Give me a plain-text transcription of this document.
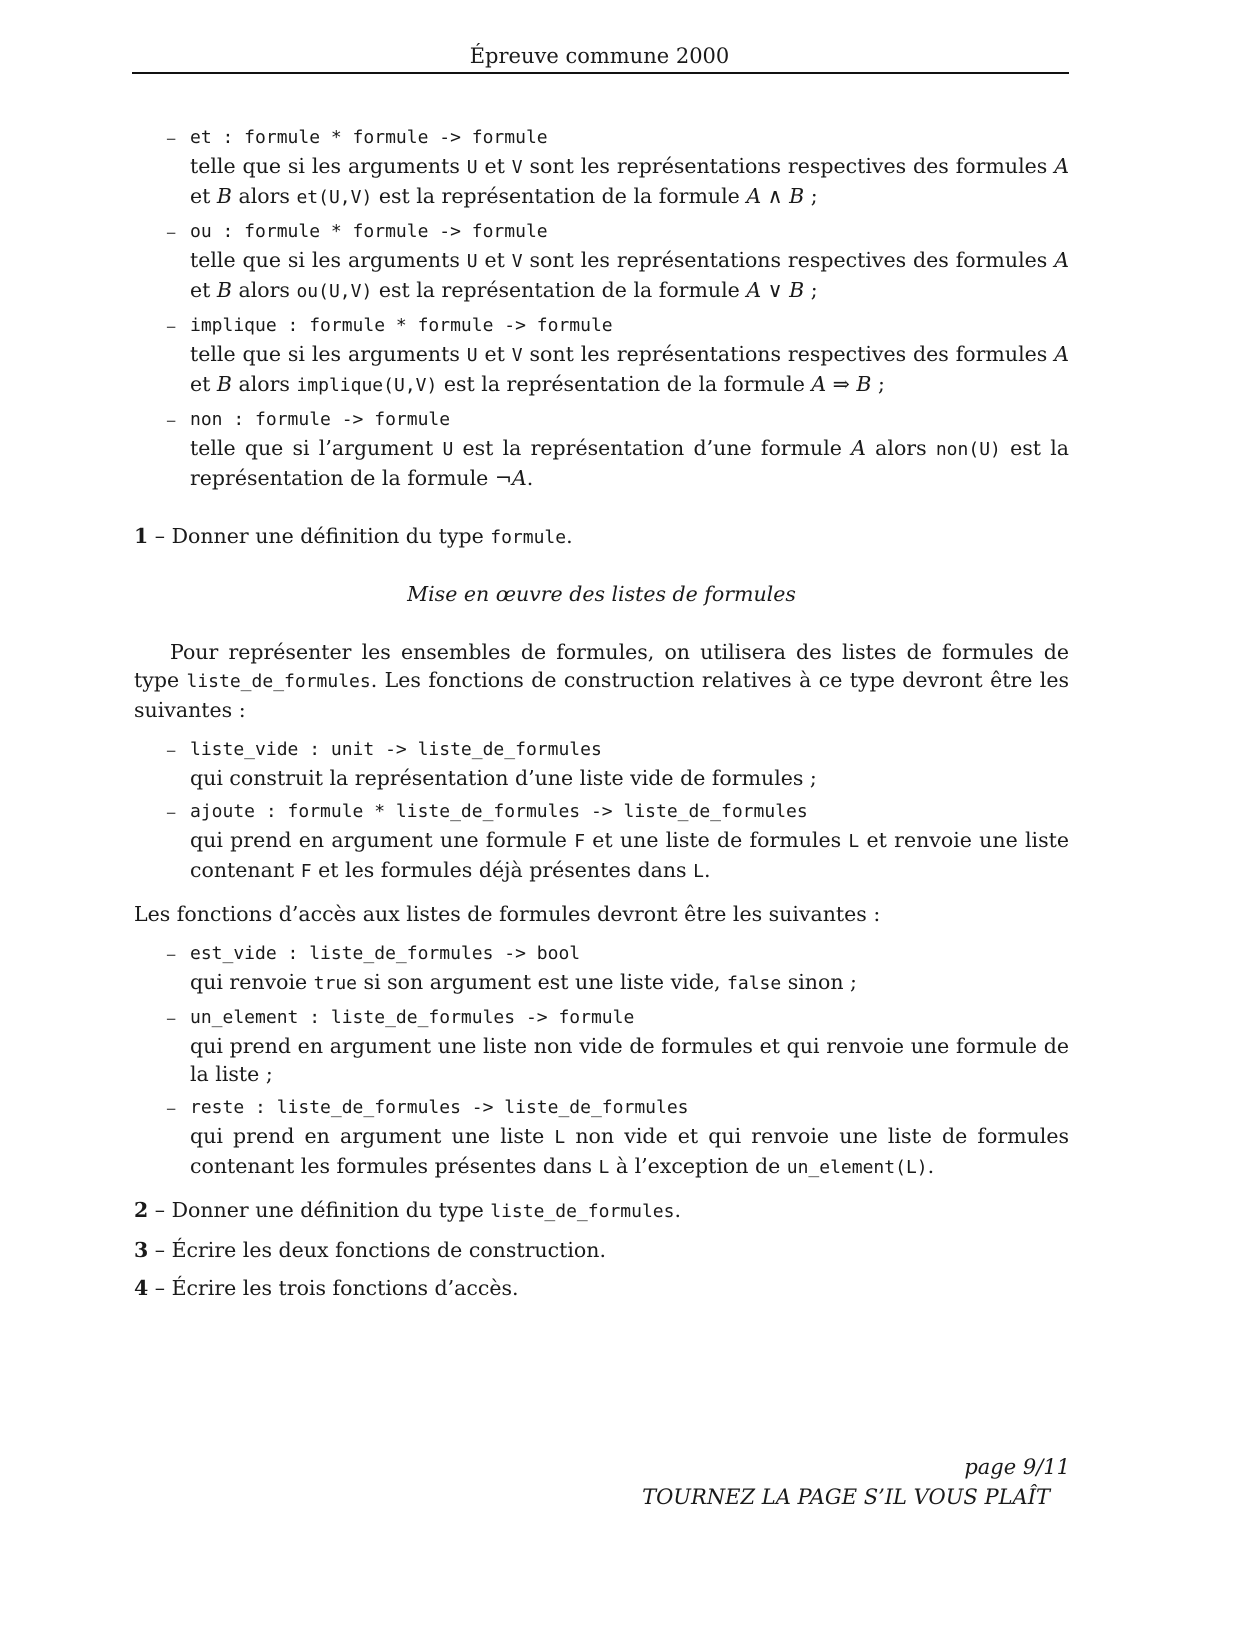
Épreuve commune 2000
– et : formule * formule -> formule
telle que si les arguments U et V sont les représentations respectives des formules A et B alors et(U,V) est la représentation de la formule A ∧ B ;
– ou : formule * formule -> formule
telle que si les arguments U et V sont les représentations respectives des formules A et B alors ou(U,V) est la représentation de la formule A ∨ B ;
– implique : formule * formule -> formule
telle que si les arguments U et V sont les représentations respectives des formules A et B alors implique(U,V) est la représentation de la formule A ⇒ B ;
– non : formule -> formule
telle que si l’argument U est la représentation d’une formule A alors non(U) est la représentation de la formule ¬A.
1 – Donner une définition du type formule.
Mise en œuvre des listes de formules
Pour représenter les ensembles de formules, on utilisera des listes de formules de type liste_de_formules. Les fonctions de construction relatives à ce type devront être les suivantes :
– liste_vide : unit -> liste_de_formules
qui construit la représentation d’une liste vide de formules ;
– ajoute : formule * liste_de_formules -> liste_de_formules
qui prend en argument une formule F et une liste de formules L et renvoie une liste contenant F et les formules déjà présentes dans L.
Les fonctions d’accès aux listes de formules devront être les suivantes :
– est_vide : liste_de_formules -> bool
qui renvoie true si son argument est une liste vide, false sinon ;
– un_element : liste_de_formules -> formule
qui prend en argument une liste non vide de formules et qui renvoie une formule de la liste ;
– reste : liste_de_formules -> liste_de_formules
qui prend en argument une liste L non vide et qui renvoie une liste de formules contenant les formules présentes dans L à l’exception de un_element(L).
2 – Donner une définition du type liste_de_formules.
3 – Écrire les deux fonctions de construction.
4 – Écrire les trois fonctions d’accès.
page 9/11
TOURNEZ LA PAGE S’IL VOUS PLAÎT
